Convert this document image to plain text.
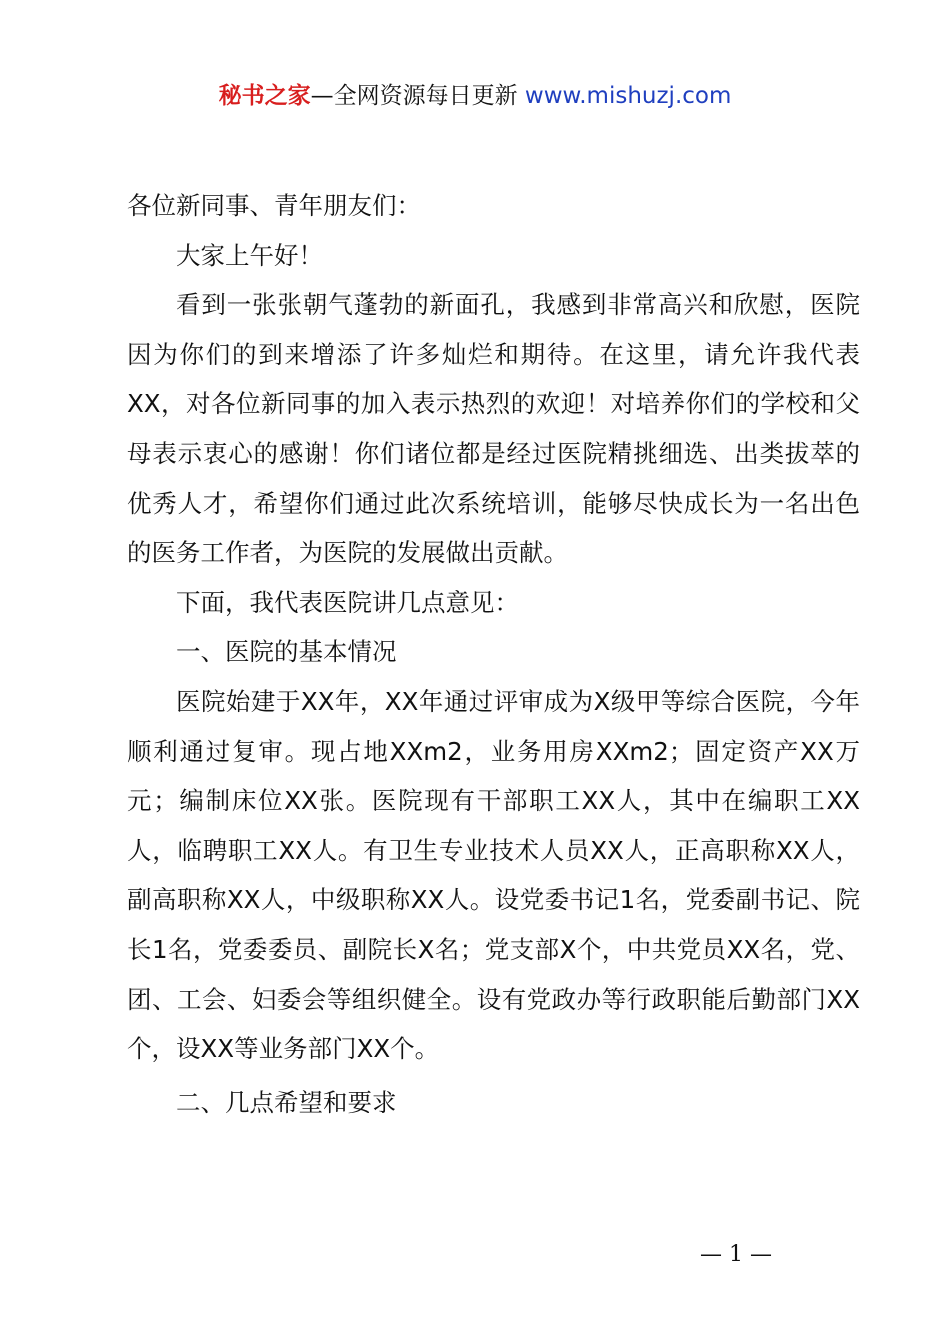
秘书之家—全网资源每日更新 www.mishuzj.com

各位新同事、青年朋友们：

大家上午好！

看到一张张朝气蓬勃的新面孔，我感到非常高兴和欣慰，医院因为你们的到来增添了许多灿烂和期待。在这里，请允许我代表XX，对各位新同事的加入表示热烈的欢迎！对培养你们的学校和父母表示衷心的感谢！你们诸位都是经过医院精挑细选、出类拔萃的优秀人才，希望你们通过此次系统培训，能够尽快成长为一名出色的医务工作者，为医院的发展做出贡献。

下面，我代表医院讲几点意见：

一、医院的基本情况

医院始建于XX年，XX年通过评审成为X级甲等综合医院，今年顺利通过复审。现占地XXm2，业务用房XXm2；固定资产XX万元；编制床位XX张。医院现有干部职工XX人，其中在编职工XX人，临聘职工XX人。有卫生专业技术人员XX人，正高职称XX人，副高职称XX人，中级职称XX人。设党委书记1名，党委副书记、院长1名，党委委员、副院长X名；党支部X个，中共党员XX名，党、团、工会、妇委会等组织健全。设有党政办等行政职能后勤部门XX个，设XX等业务部门XX个。

二、几点希望和要求

— 1 —
